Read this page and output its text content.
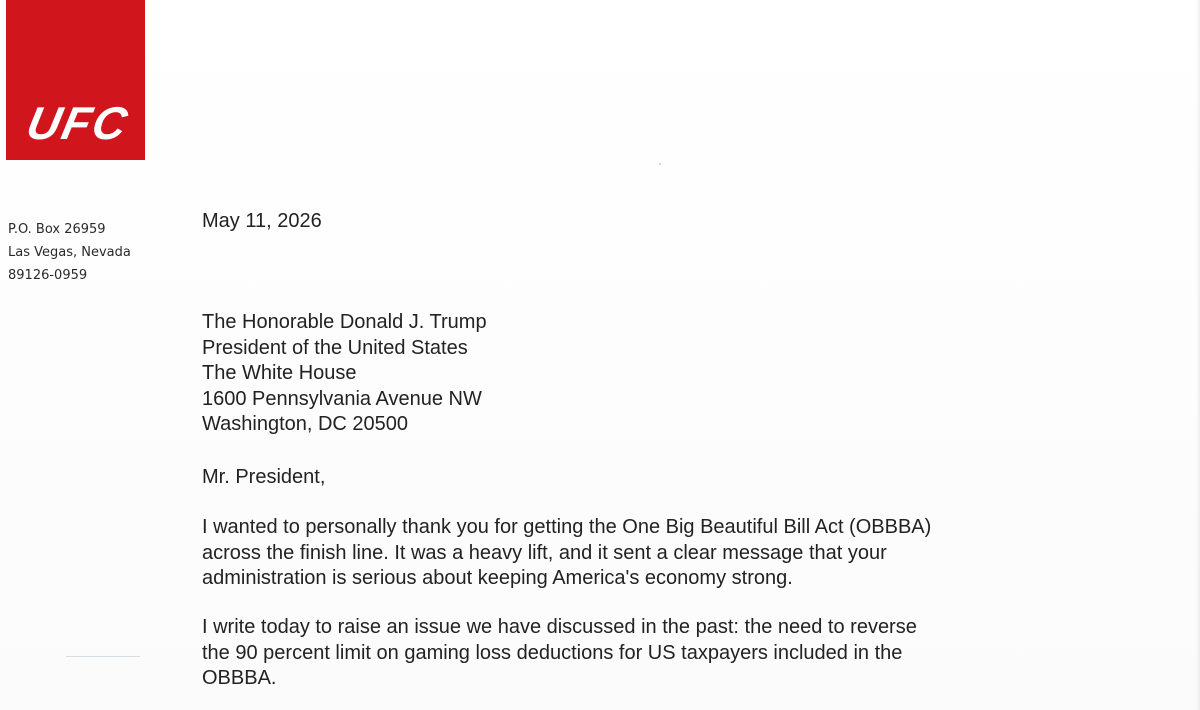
UFC
P.O. Box 26959
Las Vegas, Nevada
89126-0959
May 11, 2026
The Honorable Donald J. Trump
President of the United States
The White House
1600 Pennsylvania Avenue NW
Washington, DC 20500
Mr. President,
I wanted to personally thank you for getting the One Big Beautiful Bill Act (OBBBA)
across the finish line. It was a heavy lift, and it sent a clear message that your
administration is serious about keeping America's economy strong.
I write today to raise an issue we have discussed in the past: the need to reverse
the 90 percent limit on gaming loss deductions for US taxpayers included in the
OBBBA.
